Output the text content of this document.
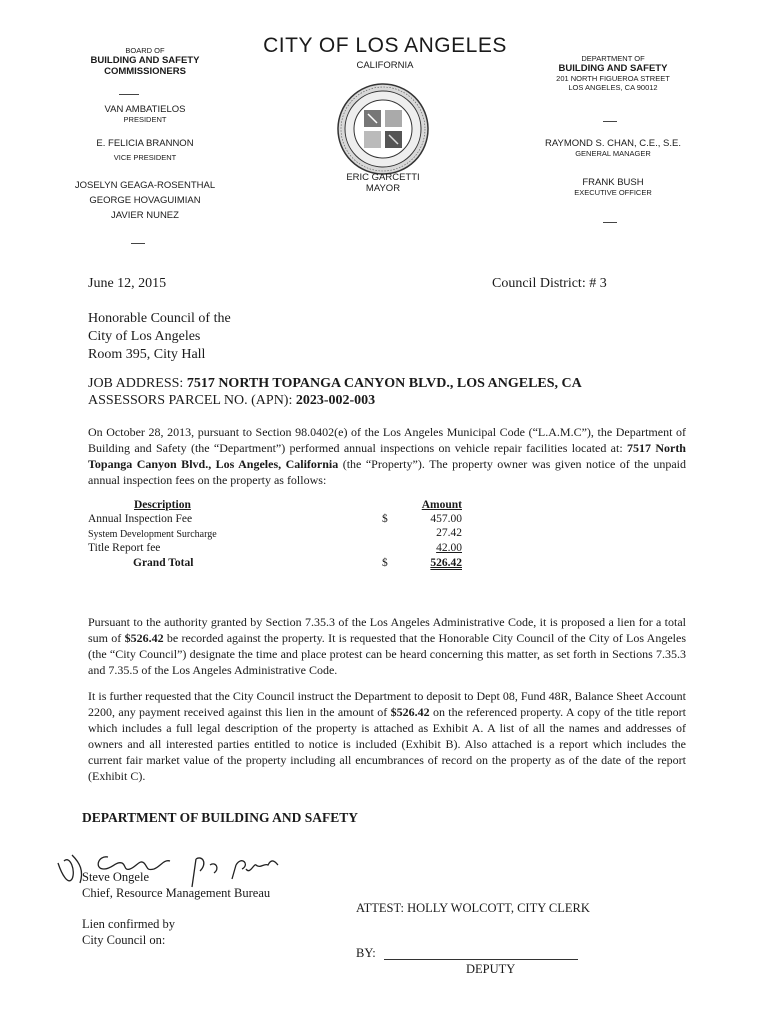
BOARD OF
BUILDING AND SAFETY
COMMISSIONERS
VAN AMBATIELOS
PRESIDENT
E. FELICIA BRANNON
VICE PRESIDENT
JOSELYN GEAGA-ROSENTHAL
GEORGE HOVAGUIMIAN
JAVIER NUNEZ
CITY OF LOS ANGELES
CALIFORNIA
ERIC GARCETTI
MAYOR
DEPARTMENT OF
BUILDING AND SAFETY
201 NORTH FIGUEROA STREET
LOS ANGELES, CA 90012
RAYMOND S. CHAN, C.E., S.E.
GENERAL MANAGER
FRANK BUSH
EXECUTIVE OFFICER
June 12, 2015	Council District: # 3
Honorable Council of the
City of Los Angeles
Room 395, City Hall
JOB ADDRESS: 7517 NORTH TOPANGA CANYON BLVD., LOS ANGELES, CA
ASSESSORS PARCEL NO. (APN): 2023-002-003
On October 28, 2013, pursuant to Section 98.0402(e) of the Los Angeles Municipal Code (“L.A.M.C”), the Department of Building and Safety (the “Department”) performed annual inspections on vehicle repair facilities located at: 7517 North Topanga Canyon Blvd., Los Angeles, California (the “Property”). The property owner was given notice of the unpaid annual inspection fees on the property as follows:
Description	Amount
Annual Inspection Fee	$	457.00
System Development Surcharge	27.42
Title Report fee	42.00
Grand Total	$	526.42
Pursuant to the authority granted by Section 7.35.3 of the Los Angeles Administrative Code, it is proposed a lien for a total sum of $526.42 be recorded against the property. It is requested that the Honorable City Council of the City of Los Angeles (the “City Council”) designate the time and place protest can be heard concerning this matter, as set forth in Sections 7.35.3 and 7.35.5 of the Los Angeles Administrative Code.
It is further requested that the City Council instruct the Department to deposit to Dept 08, Fund 48R, Balance Sheet Account 2200, any payment received against this lien in the amount of $526.42 on the referenced property. A copy of the title report which includes a full legal description of the property is attached as Exhibit A. A list of all the names and addresses of owners and all interested parties entitled to notice is included (Exhibit B). Also attached is a report which includes the current fair market value of the property including all encumbrances of record on the property as of the date of the report (Exhibit C).
DEPARTMENT OF BUILDING AND SAFETY
Steve Ongele
Chief, Resource Management Bureau
ATTEST: HOLLY WOLCOTT, CITY CLERK
Lien confirmed by
City Council on:
BY:
DEPUTY
